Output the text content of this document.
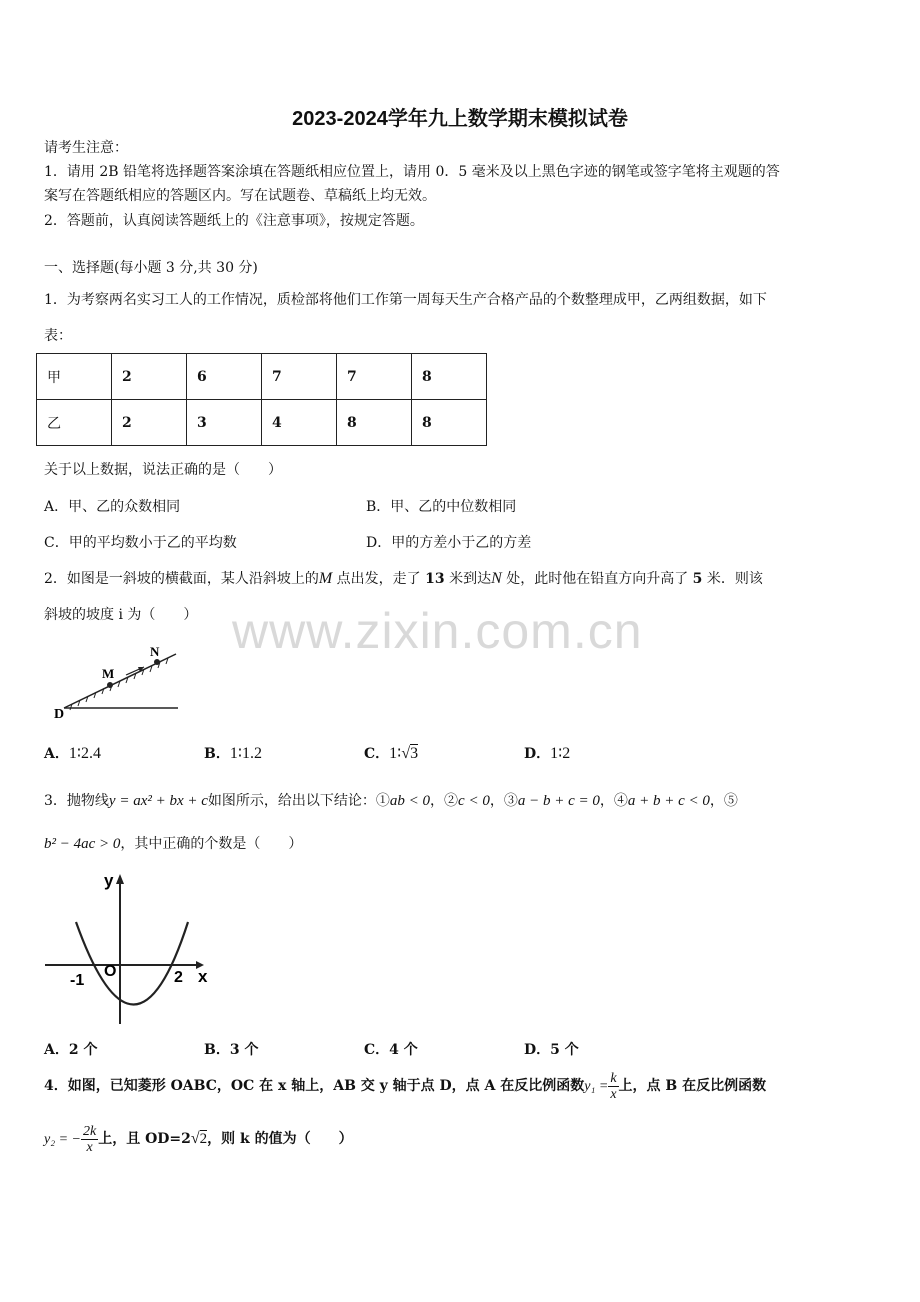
2023-2024学年九上数学期末模拟试卷
请考生注意：
1．请用 2B 铅笔将选择题答案涂填在答题纸相应位置上，请用 0．5 毫米及以上黑色字迹的钢笔或签字笔将主观题的答
案写在答题纸相应的答题区内。写在试题卷、草稿纸上均无效。
2．答题前，认真阅读答题纸上的《注意事项》，按规定答题。
一、选择题(每小题 3 分,共 30 分)
www.zixin.com.cn
1．为考察两名实习工人的工作情况，质检部将他们工作第一周每天生产合格产品的个数整理成甲，乙两组数据，如下
表：
甲	2	6	7	7	8
乙	2	3	4	8	8
关于以上数据，说法正确的是（　　）
A．甲、乙的众数相同	B．甲、乙的中位数相同
C．甲的平均数小于乙的平均数	D．甲的方差小于乙的方差
2．如图是一斜坡的横截面，某人沿斜坡上的M 点出发，走了 13 米到达N 处，此时他在铅直方向升高了 5 米．则该
斜坡的坡度 i 为（　　）
D
M
N
A．1∶2.4	B．1∶1.2	C．1∶√3	D．1∶2
3．抛物线y = ax² + bx + c如图所示，给出以下结论：①ab < 0，②c < 0，③a − b + c = 0，④a + b + c < 0，⑤
b² − 4ac > 0，其中正确的个数是（　　）
y
x
-1
O	2
A．2 个	B．3 个	C．4 个	D．5 个
4．如图，已知菱形 OABC，OC 在 x 轴上，AB 交 y 轴于点 D，点 A 在反比例函数$y_1 = \frac{k}{x}$ 上，点 B 在反比例函数
y₂ = − $\frac{2k}{x}$ 上，且 OD=2√2，则 k 的值为（　　）
